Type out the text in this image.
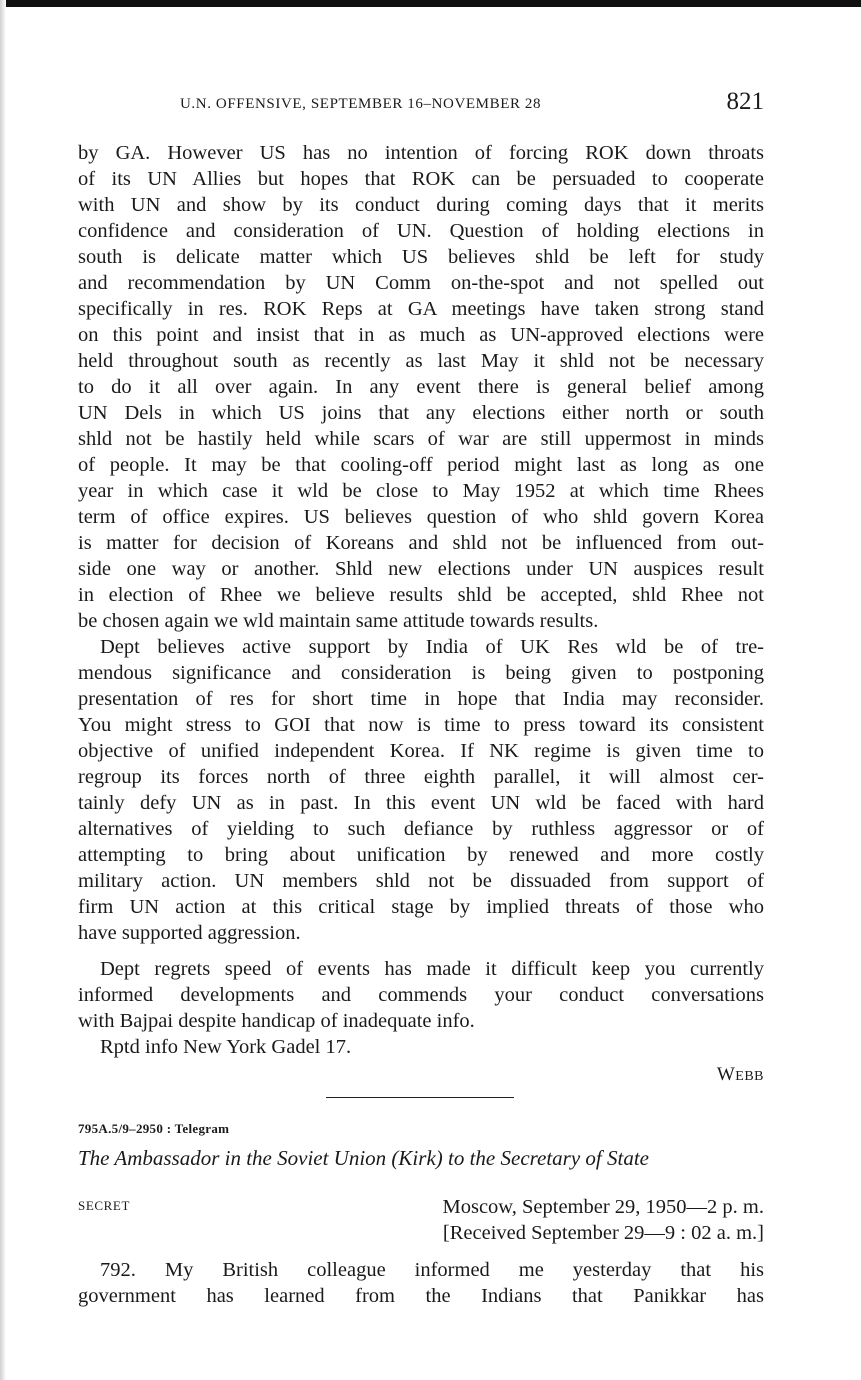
U.N. OFFENSIVE, SEPTEMBER 16–NOVEMBER 28	821

by GA. However US has no intention of forcing ROK down throats

of its UN Allies but hopes that ROK can be persuaded to cooperate

with UN and show by its conduct during coming days that it merits

confidence and consideration of UN. Question of holding elections in

south is delicate matter which US believes shld be left for study

and recommendation by UN Comm on-the-spot and not spelled out

specifically in res. ROK Reps at GA meetings have taken strong stand

on this point and insist that in as much as UN-approved elections were

held throughout south as recently as last May it shld not be necessary

to do it all over again. In any event there is general belief among

UN Dels in which US joins that any elections either north or south

shld not be hastily held while scars of war are still uppermost in minds

of people. It may be that cooling-off period might last as long as one

year in which case it wld be close to May 1952 at which time Rhees

term of office expires. US believes question of who shld govern Korea

is matter for decision of Koreans and shld not be influenced from out-

side one way or another. Shld new elections under UN auspices result

in election of Rhee we believe results shld be accepted, shld Rhee not

be chosen again we wld maintain same attitude towards results.

Dept believes active support by India of UK Res wld be of tre-

mendous significance and consideration is being given to postponing

presentation of res for short time in hope that India may reconsider.

You might stress to GOI that now is time to press toward its consistent

objective of unified independent Korea. If NK regime is given time to

regroup its forces north of three eighth parallel, it will almost cer-

tainly defy UN as in past. In this event UN wld be faced with hard

alternatives of yielding to such defiance by ruthless aggressor or of

attempting to bring about unification by renewed and more costly

military action. UN members shld not be dissuaded from support of

firm UN action at this critical stage by implied threats of those who

have supported aggression.

Dept regrets speed of events has made it difficult keep you currently

informed developments and commends your conduct conversations

with Bajpai despite handicap of inadequate info.

Rptd info New York Gadel 17.

WEBB
795A.5/9–2950 : Telegram
The Ambassador in the Soviet Union (Kirk) to the Secretary of State
SECRET	Moscow, September 29, 1950—2 p. m.
[Received September 29—9 : 02 a. m.]

792. My British colleague informed me yesterday that his

government has learned from the Indians that Panikkar has
